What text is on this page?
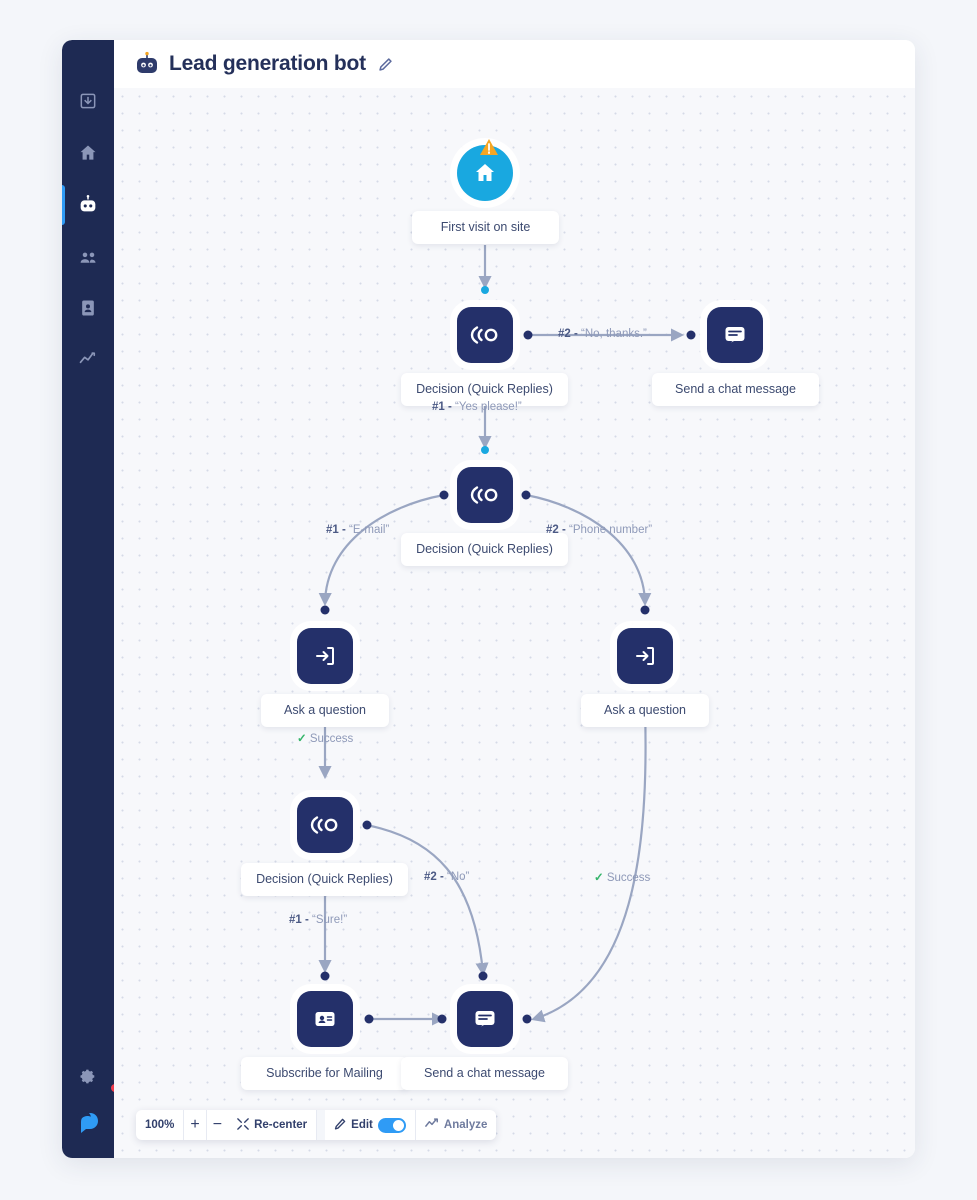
Lead generation bot
First visit on site
Decision (Quick Replies)	Send a chat message
Decision (Quick Replies)
Ask a question	Ask a question
Decision (Quick Replies)
Subscribe for Mailing	Send a chat message
#2 - “No, thanks.”
#1 - “Yes please!”
#1 - “E-mail”	#2 - “Phone number”
✓ Success
#2 - “No”	✓ Success
#1 - “Sure!”
100%	+ −	Re-center	Edit	Analyze
